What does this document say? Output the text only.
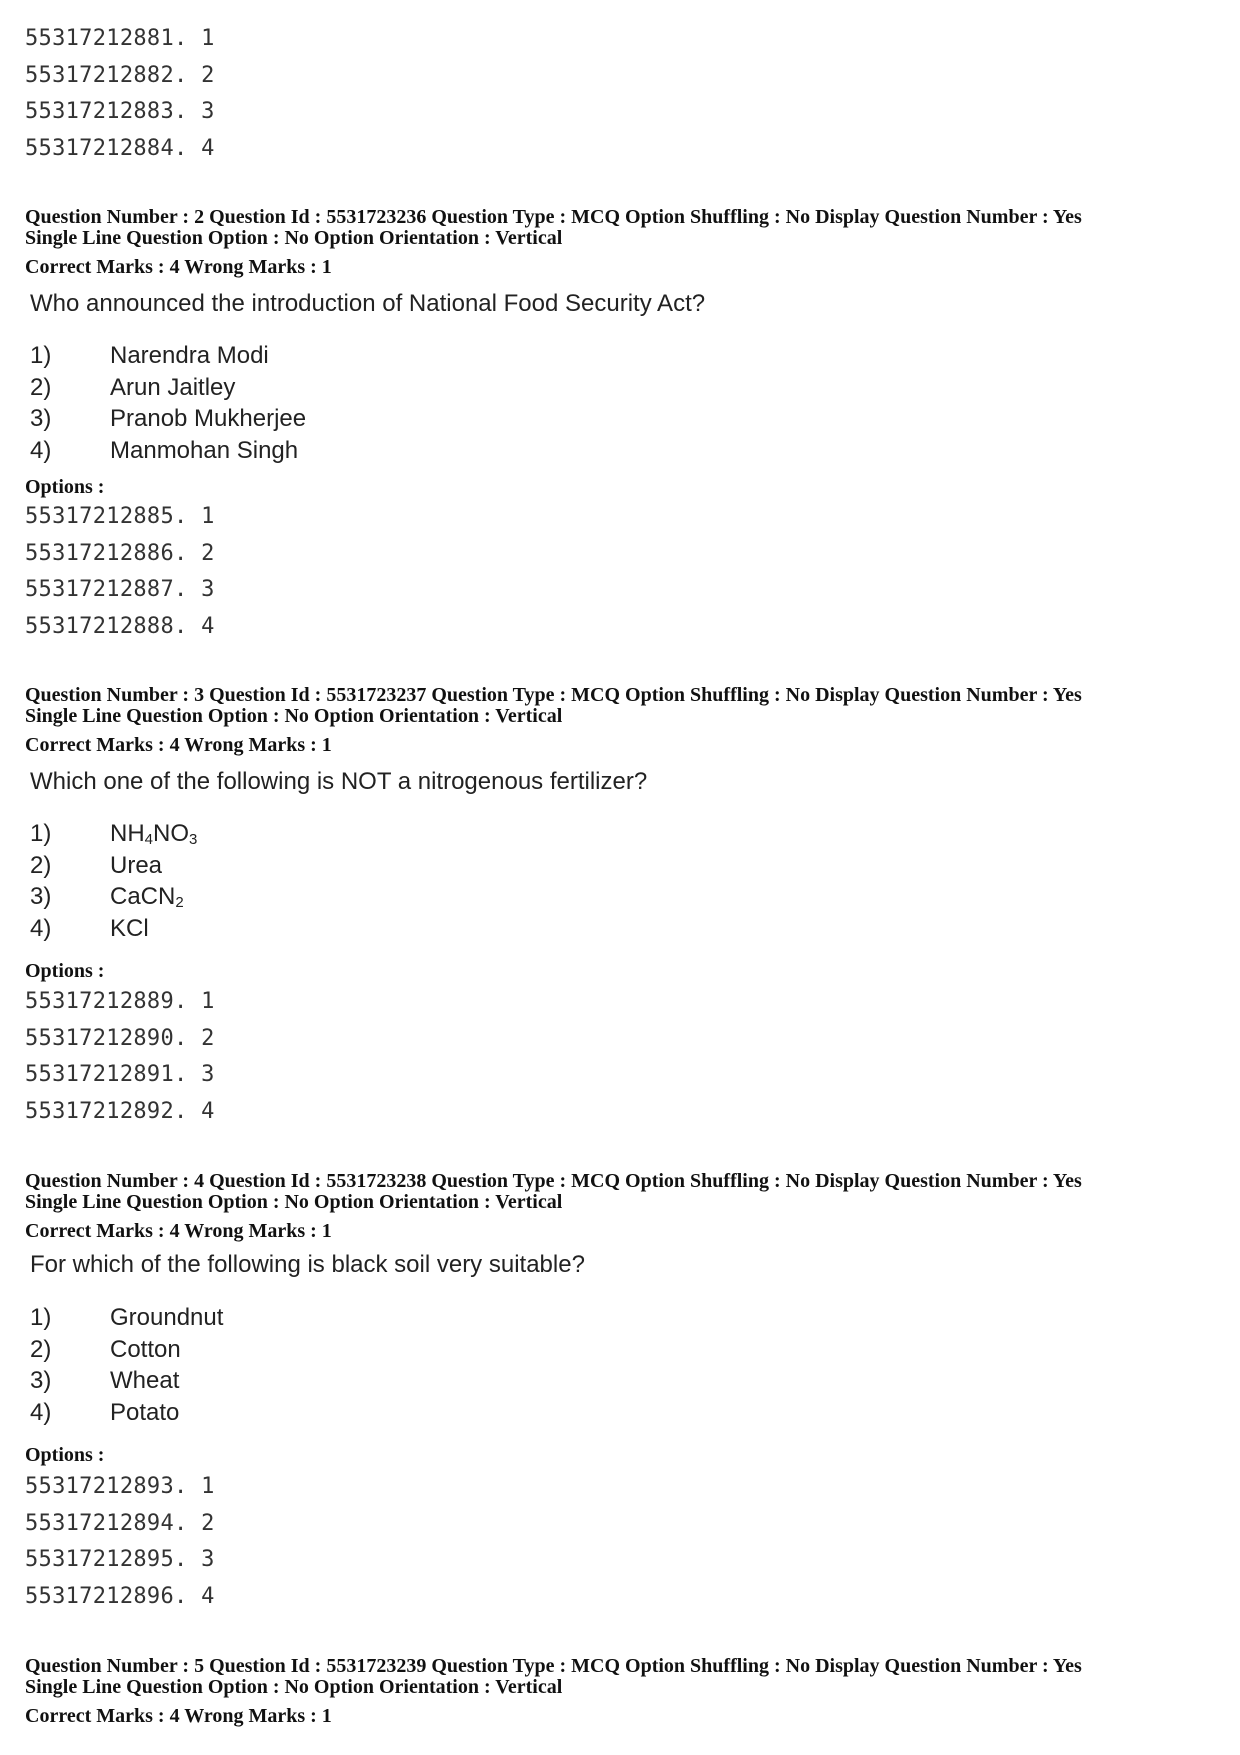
55317212881. 1
55317212882. 2
55317212883. 3
55317212884. 4
Question Number : 2 Question Id : 5531723236 Question Type : MCQ Option Shuffling : No Display Question Number : Yes
Single Line Question Option : No Option Orientation : Vertical
Correct Marks : 4 Wrong Marks : 1
Who announced the introduction of National Food Security Act?
1)	Narendra Modi
2)	Arun Jaitley
3)	Pranob Mukherjee
4)	Manmohan Singh
Options :
55317212885. 1
55317212886. 2
55317212887. 3
55317212888. 4
Question Number : 3 Question Id : 5531723237 Question Type : MCQ Option Shuffling : No Display Question Number : Yes
Single Line Question Option : No Option Orientation : Vertical
Correct Marks : 4 Wrong Marks : 1
Which one of the following is NOT a nitrogenous fertilizer?
1)	$NH_4NO_3$
2)	Urea
3)	CaCN$_2$
4)	KCl
Options :
55317212889. 1
55317212890. 2
55317212891. 3
55317212892. 4
Question Number : 4 Question Id : 5531723238 Question Type : MCQ Option Shuffling : No Display Question Number : Yes
Single Line Question Option : No Option Orientation : Vertical
Correct Marks : 4 Wrong Marks : 1
For which of the following is black soil very suitable?
1)	Groundnut
2)	Cotton
3)	Wheat
4)	Potato
Options :
55317212893. 1
55317212894. 2
55317212895. 3
55317212896. 4
Question Number : 5 Question Id : 5531723239 Question Type : MCQ Option Shuffling : No Display Question Number : Yes
Single Line Question Option : No Option Orientation : Vertical
Correct Marks : 4 Wrong Marks : 1
